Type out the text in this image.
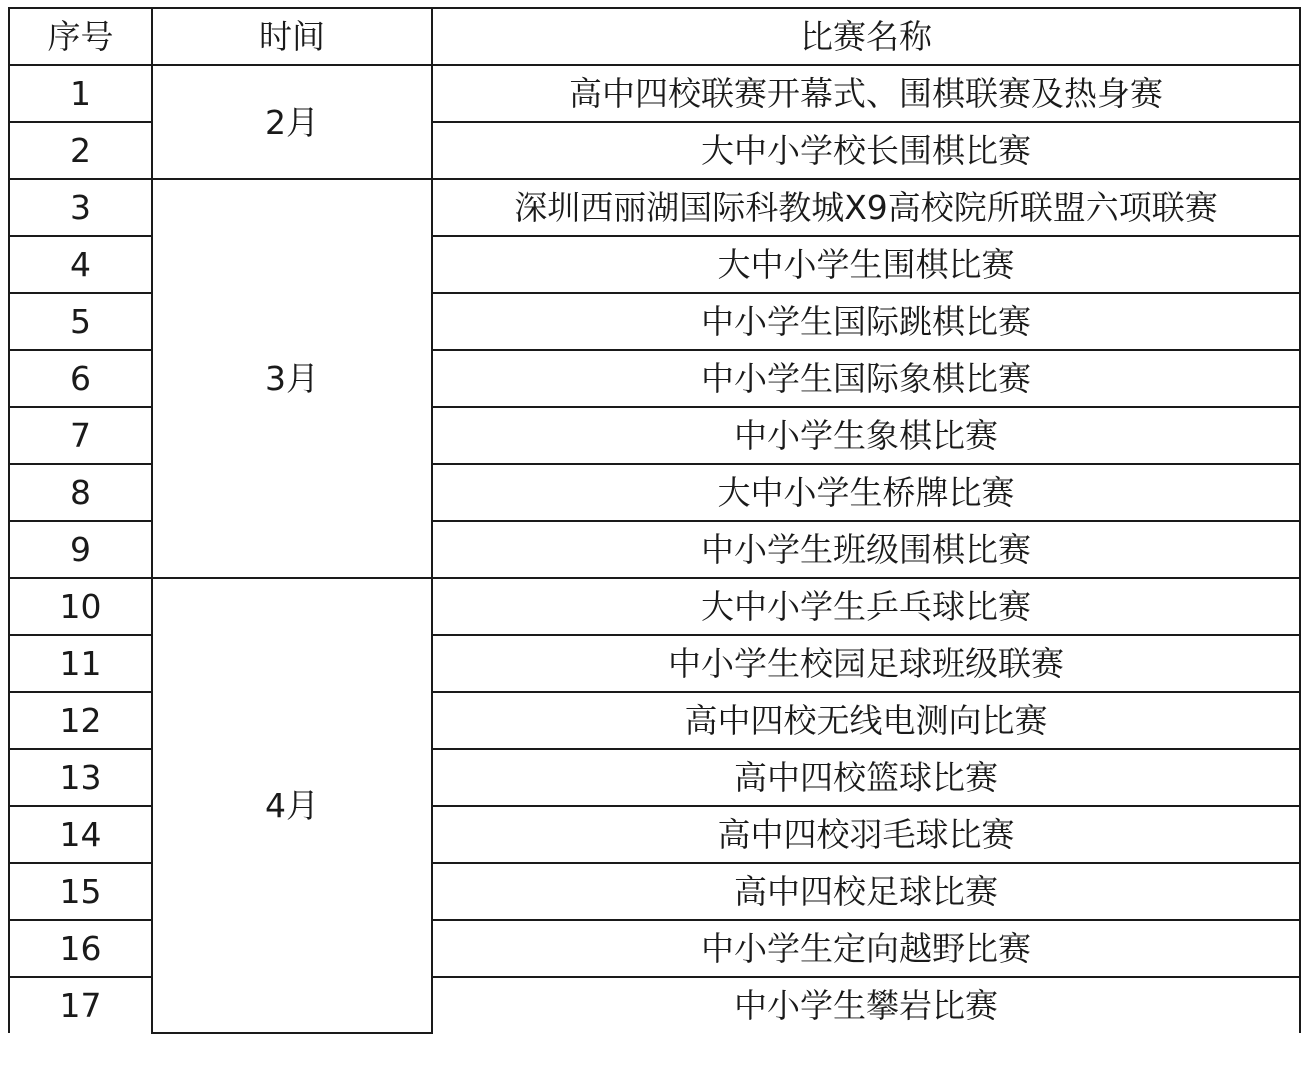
序号	时间	比赛名称
1	2月	高中四校联赛开幕式、围棋联赛及热身赛
2		大中小学校长围棋比赛
3	3月	深圳西丽湖国际科教城X9高校院所联盟六项联赛
4		大中小学生围棋比赛
5		中小学生国际跳棋比赛
6		中小学生国际象棋比赛
7		中小学生象棋比赛
8		大中小学生桥牌比赛
9		中小学生班级围棋比赛
10	4月	大中小学生乒乓球比赛
11		中小学生校园足球班级联赛
12		高中四校无线电测向比赛
13		高中四校篮球比赛
14		高中四校羽毛球比赛
15		高中四校足球比赛
16		中小学生定向越野比赛
17		中小学生攀岩比赛
